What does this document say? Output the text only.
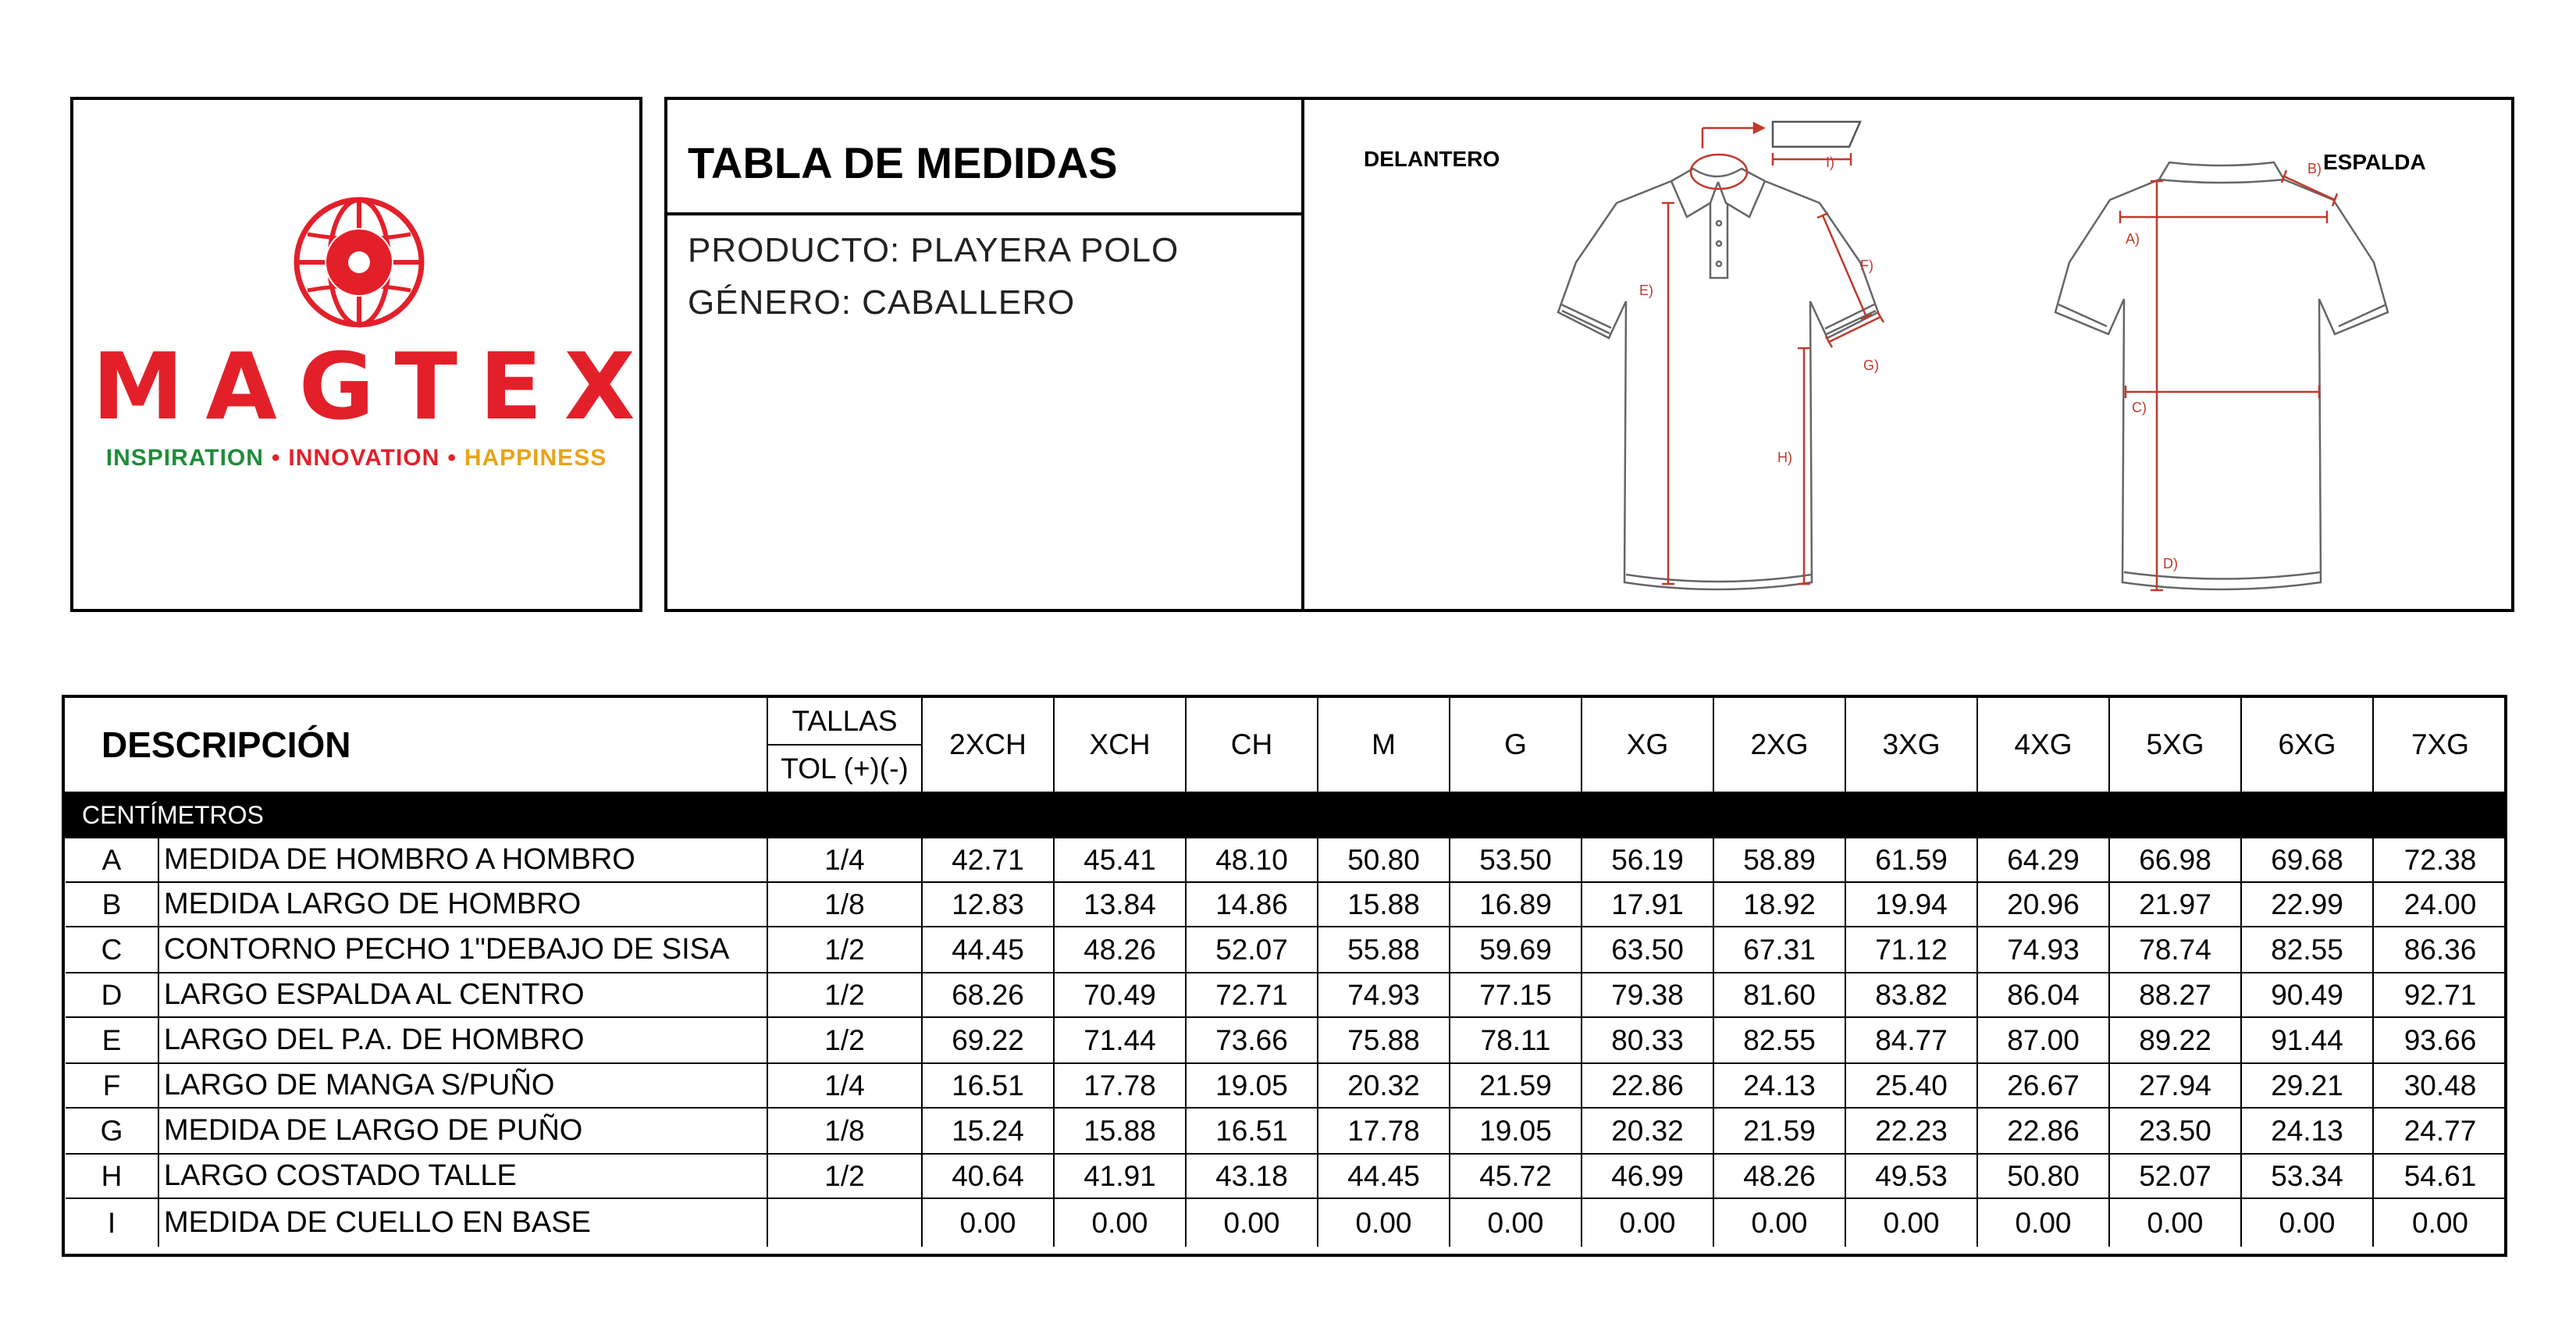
MAGTEX
INSPIRATION • INNOVATION • HAPPINESS
TABLA DE MEDIDAS
PRODUCTO: PLAYERA POLO
GÉNERO: CABALLERO
DELANTERO	ESPALDA
I)
E)
F)
G)
H)
A)
B)
C)
D)
DESCRIPCIÓN		TALLAS	2XCH	XCH	CH	M	G	XG	2XG	3XG	4XG	5XG	6XG	7XG
		TOL (+)(-)												
CENTÍMETROS														
A	MEDIDA DE HOMBRO A HOMBRO	1/4	42.71	45.41	48.10	50.80	53.50	56.19	58.89	61.59	64.29	66.98	69.68	72.38
B	MEDIDA LARGO DE HOMBRO	1/8	12.83	13.84	14.86	15.88	16.89	17.91	18.92	19.94	20.96	21.97	22.99	24.00
C	CONTORNO PECHO 1"DEBAJO DE SISA	1/2	44.45	48.26	52.07	55.88	59.69	63.50	67.31	71.12	74.93	78.74	82.55	86.36
D	LARGO ESPALDA AL CENTRO	1/2	68.26	70.49	72.71	74.93	77.15	79.38	81.60	83.82	86.04	88.27	90.49	92.71
E	LARGO DEL P.A. DE HOMBRO	1/2	69.22	71.44	73.66	75.88	78.11	80.33	82.55	84.77	87.00	89.22	91.44	93.66
F	LARGO DE MANGA S/PUÑO	1/4	16.51	17.78	19.05	20.32	21.59	22.86	24.13	25.40	26.67	27.94	29.21	30.48
G	MEDIDA DE LARGO DE PUÑO	1/8	15.24	15.88	16.51	17.78	19.05	20.32	21.59	22.23	22.86	23.50	24.13	24.77
H	LARGO COSTADO TALLE	1/2	40.64	41.91	43.18	44.45	45.72	46.99	48.26	49.53	50.80	52.07	53.34	54.61
I	MEDIDA DE CUELLO EN BASE		0.00	0.00	0.00	0.00	0.00	0.00	0.00	0.00	0.00	0.00	0.00	0.00
